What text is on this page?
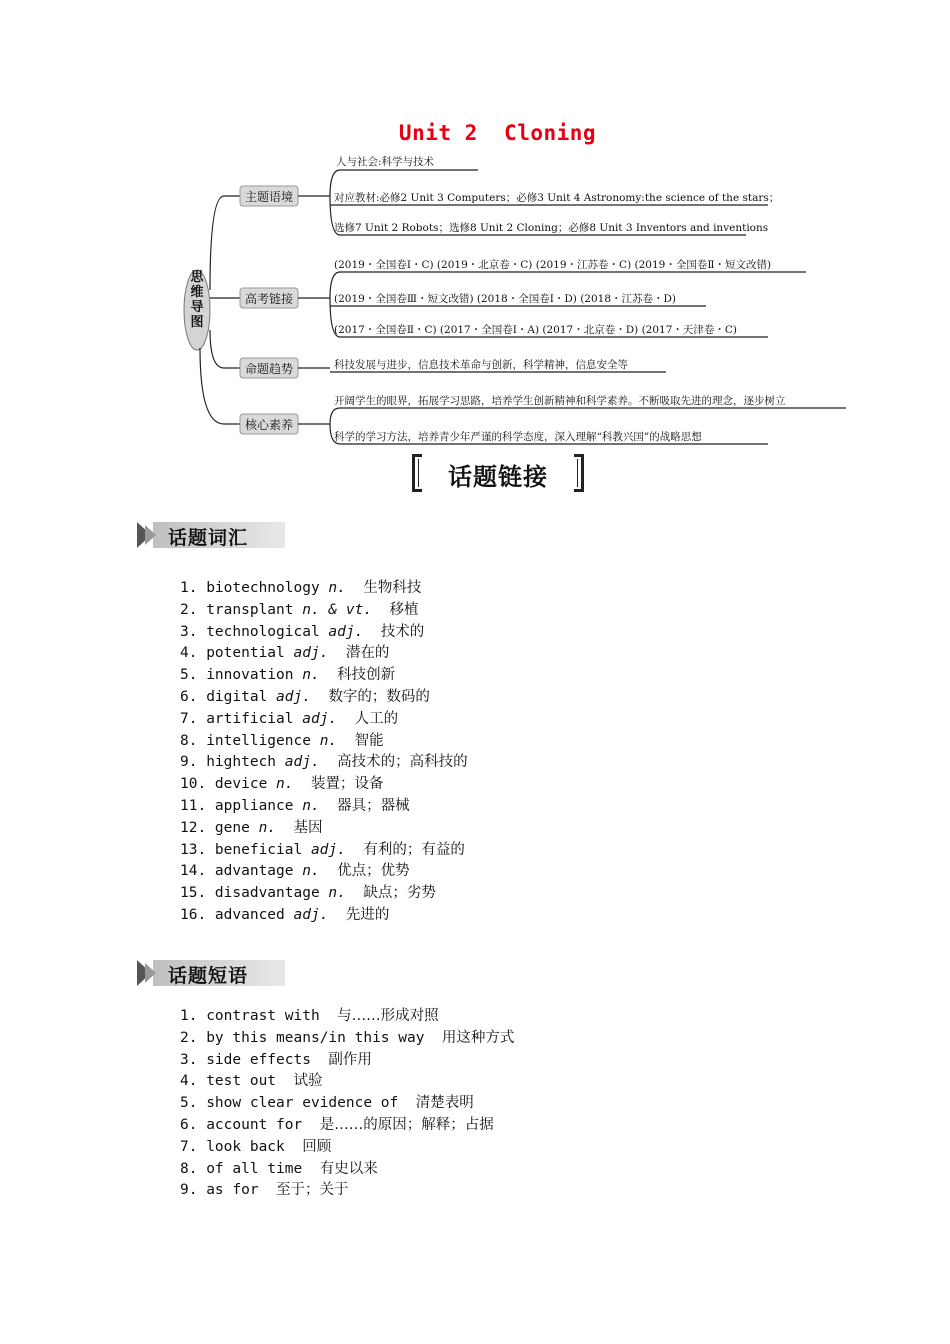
Unit 2  Cloning
思维导图
主题语境
高考链接
命题趋势
核心素养
人与社会:科学与技术
对应教材:必修2 Unit 3 Computers；必修3 Unit 4 Astronomy:the science of the stars；
选修7 Unit 2 Robots；选修8 Unit 2 Cloning；必修8 Unit 3 Inventors and inventions
(2019・全国卷Ⅰ・C) (2019・北京卷・C) (2019・江苏卷・C) (2019・全国卷Ⅱ・短文改错)
(2019・全国卷Ⅲ・短文改错) (2018・全国卷Ⅰ・D) (2018・江苏卷・D)
(2017・全国卷Ⅱ・C) (2017・全国卷Ⅰ・A) (2017・北京卷・D) (2017・天津卷・C)
科技发展与进步，信息技术革命与创新，科学精神，信息安全等
开阔学生的眼界，拓展学习思路，培养学生创新精神和科学素养。不断吸取先进的理念，逐步树立
科学的学习方法，培养青少年严谨的科学态度，深入理解“科教兴国”的战略思想
话题链接
话题词汇
1. biotechnology n.  生物科技
2. transplant n. & vt.  移植
3. technological adj.  技术的
4. potential adj.  潜在的
5. innovation n.  科技创新
6. digital adj.  数字的；数码的
7. artificial adj.  人工的
8. intelligence n.  智能
9. hightech adj.  高技术的；高科技的
10. device n.  装置；设备
11. appliance n.  器具；器械
12. gene n.  基因
13. beneficial adj.  有利的；有益的
14. advantage n.  优点；优势
15. disadvantage n.  缺点；劣势
16. advanced adj.  先进的
话题短语
1. contrast with  与……形成对照
2. by this means/in this way  用这种方式
3. side effects  副作用
4. test out  试验
5. show clear evidence of  清楚表明
6. account for  是……的原因；解释；占据
7. look back  回顾
8. of all time  有史以来
9. as for  至于；关于
